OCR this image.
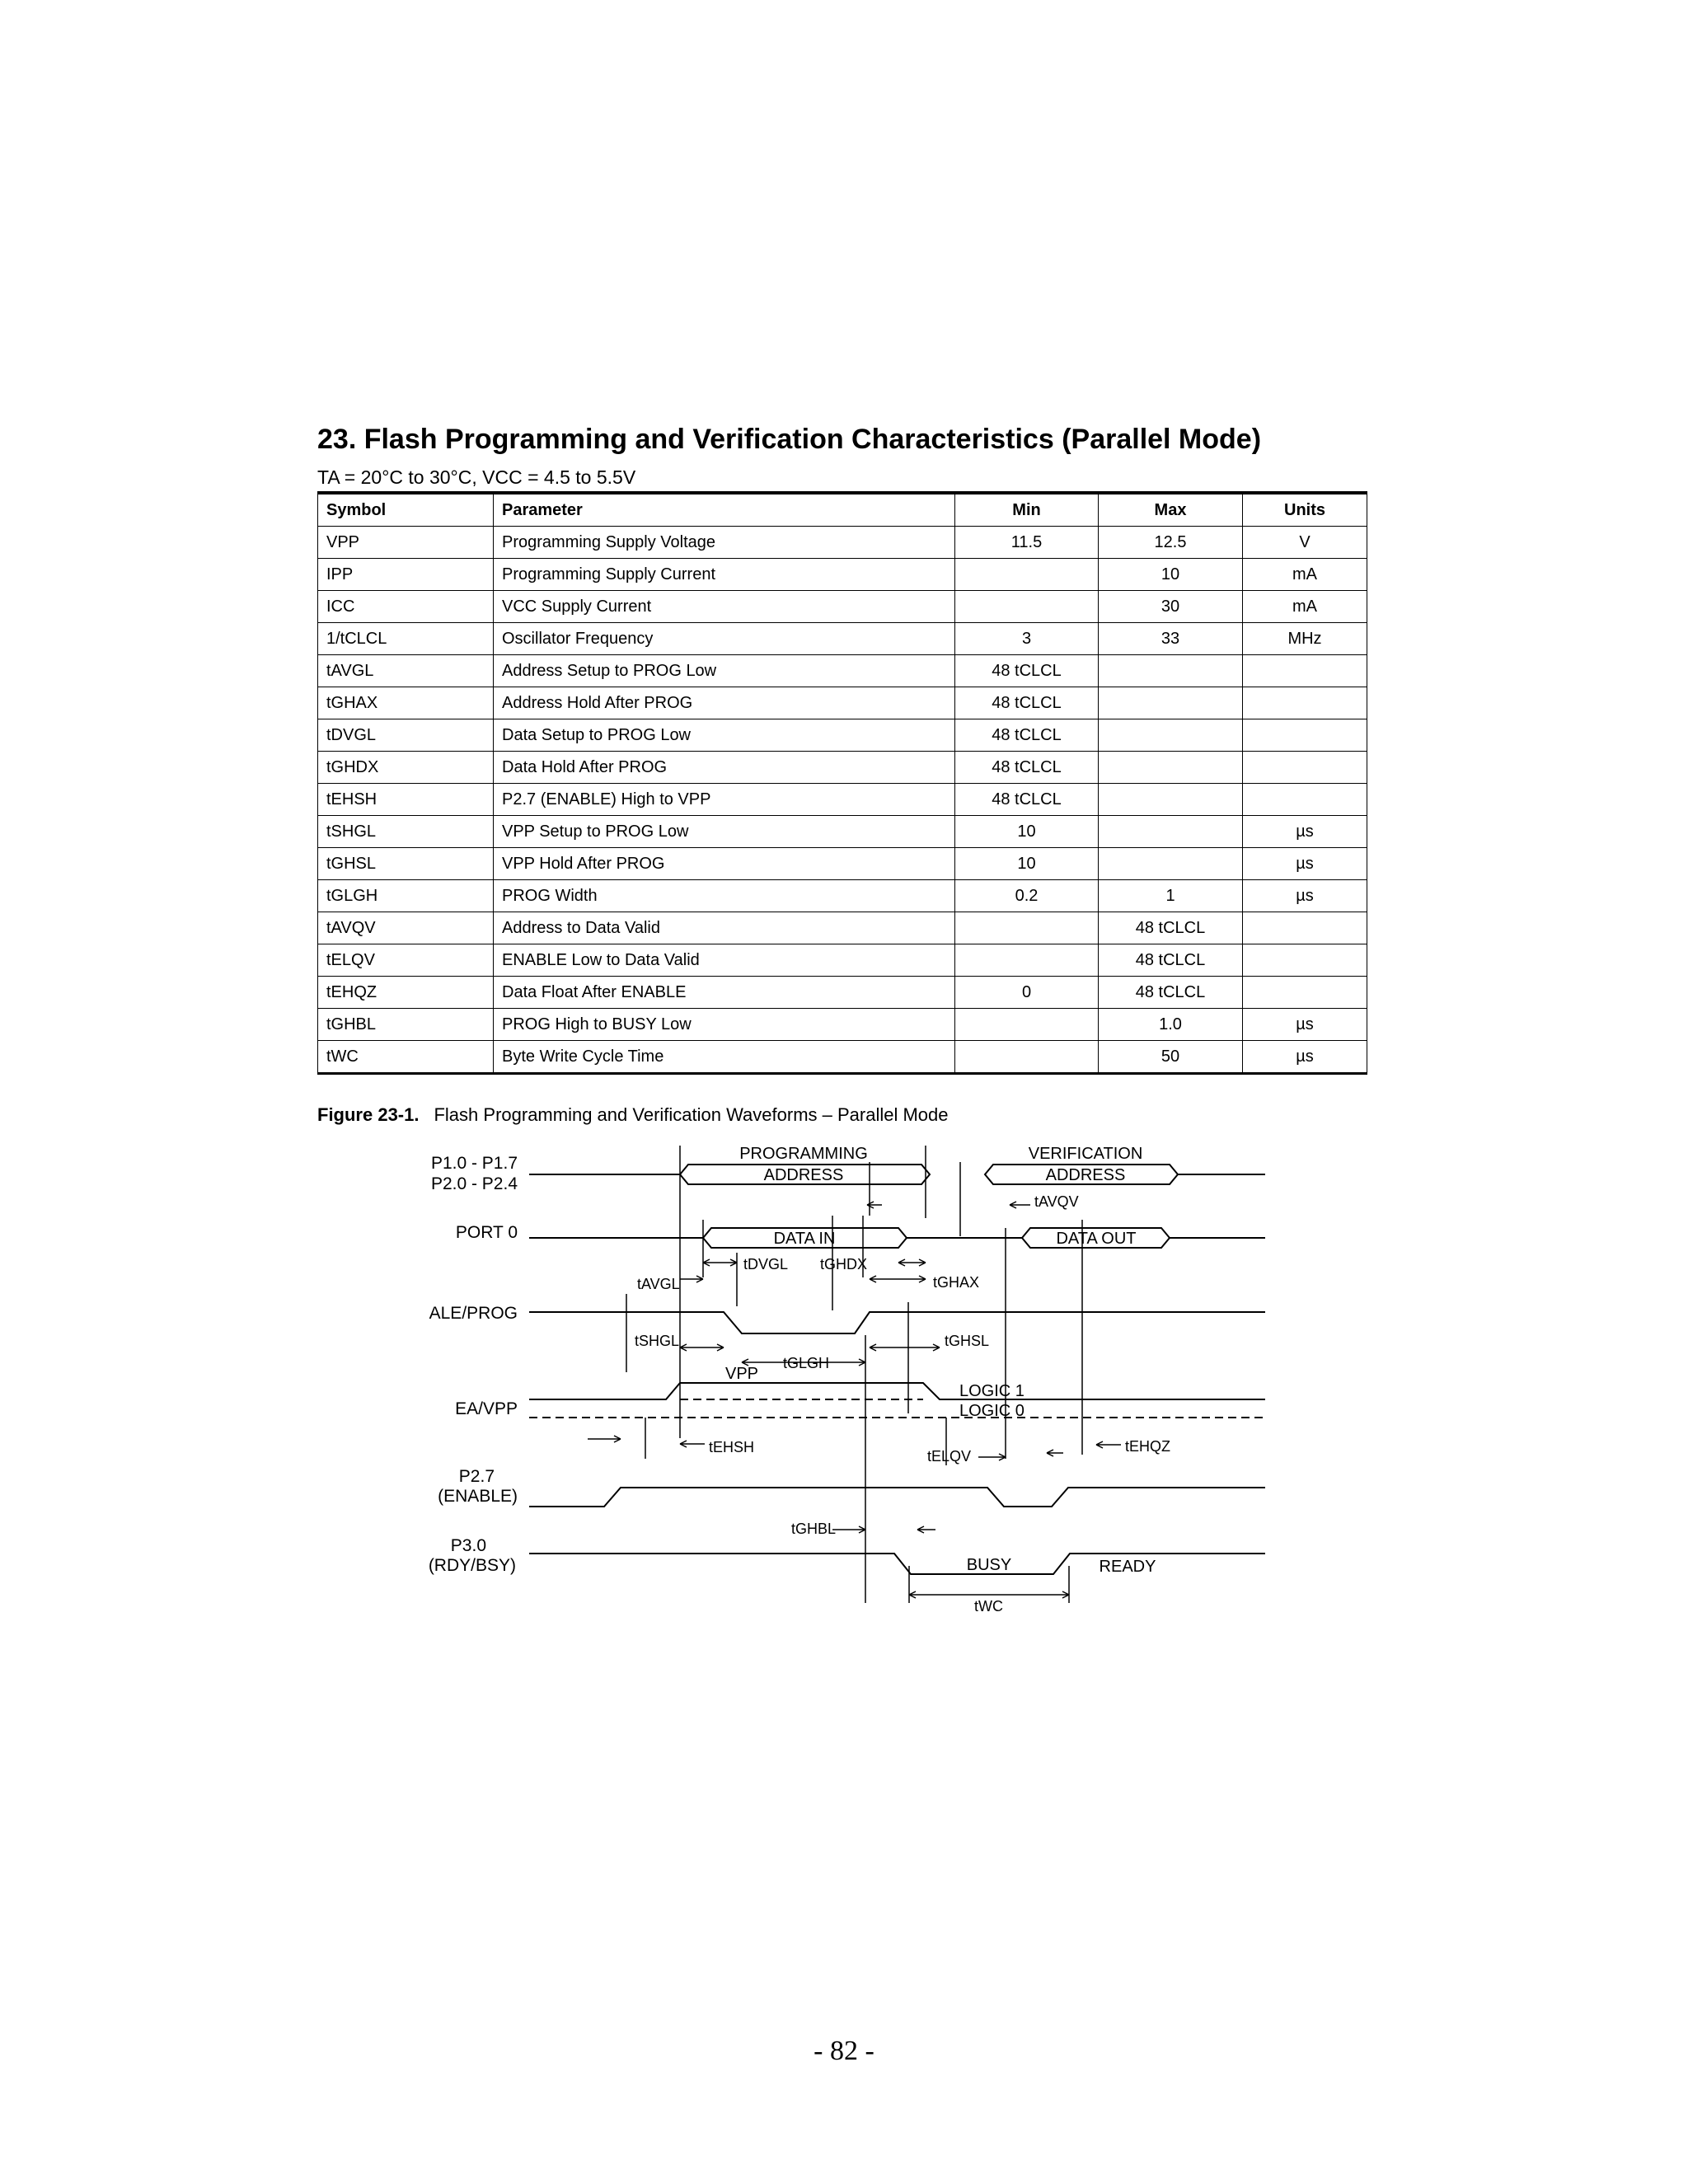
23. Flash Programming and Verification Characteristics (Parallel Mode)
TA = 20°C to 30°C, VCC = 4.5 to 5.5V
Symbol	Parameter	Min	Max	Units
VPP	Programming Supply Voltage	11.5	12.5	V
IPP	Programming Supply Current		10	mA
ICC	VCC Supply Current		30	mA
1/tCLCL	Oscillator Frequency	3	33	MHz
tAVGL	Address Setup to PROG Low	48 tCLCL		
tGHAX	Address Hold After PROG	48 tCLCL		
tDVGL	Data Setup to PROG Low	48 tCLCL		
tGHDX	Data Hold After PROG	48 tCLCL		
tEHSH	P2.7 (ENABLE) High to VPP	48 tCLCL		
tSHGL	VPP Setup to PROG Low	10		µs
tGHSL	VPP Hold After PROG	10		µs
tGLGH	PROG Width	0.2	1	µs
tAVQV	Address to Data Valid		48 tCLCL	
tELQV	ENABLE Low to Data Valid		48 tCLCL	
tEHQZ	Data Float After ENABLE	0	48 tCLCL	
tGHBL	PROG High to BUSY Low		1.0	µs
tWC	Byte Write Cycle Time		50	µs
Figure 23-1. Flash Programming and Verification Waveforms – Parallel Mode
P1.0 - P1.7
P2.0 - P2.4
PORT 0
ALE/PROG
EA/VPP
P2.7
(ENABLE)
P3.0
(RDY/BSY)
PROGRAMMING
ADDRESS
VERIFICATION
ADDRESS
DATA IN	DATA OUT
VPP
BUSY	READY
LOGIC 1
LOGIC 0
tAVQV
tAVGL
tDVGL tGHDX
tGHAX
tSHGL
tGLGH
tGHSL
tEHSH
tELQV
tEHQZ
tGHBL
tWC
- 82 -
